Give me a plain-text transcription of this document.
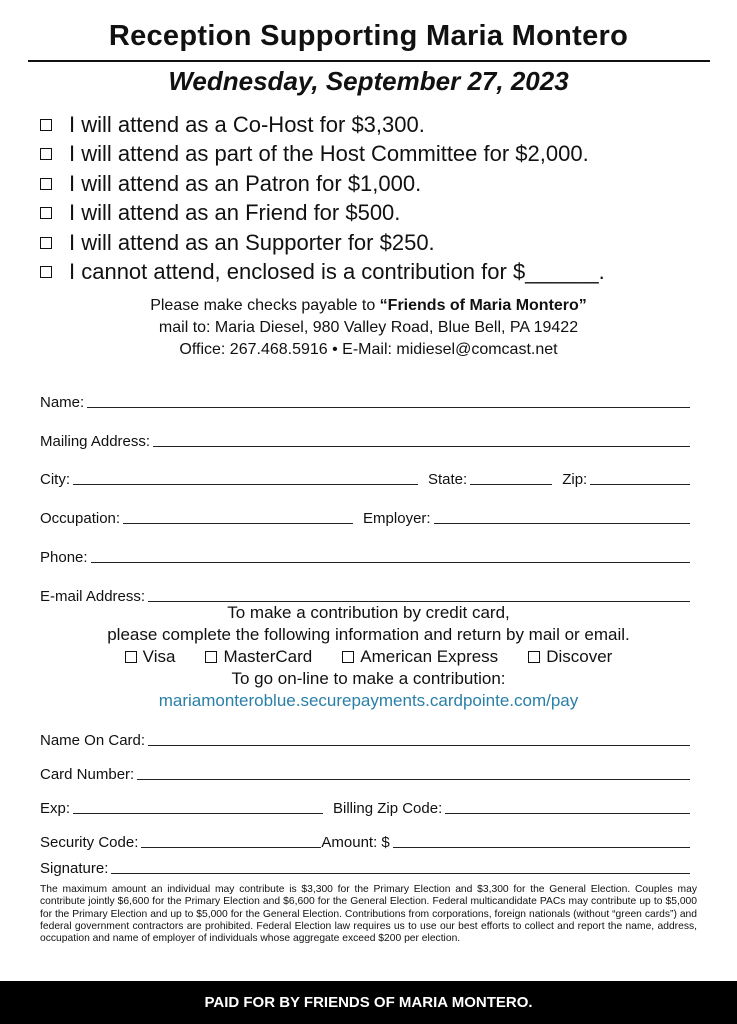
Reception Supporting Maria Montero
Wednesday, September 27, 2023
I will attend as a Co-Host for $3,300.
I will attend as part of the Host Committee for $2,000.
I will attend as an Patron for $1,000.
I will attend as an Friend for $500.
I will attend as an Supporter for $250.
I cannot attend, enclosed is a contribution for $______.
Please make checks payable to “Friends of Maria Montero”
mail to: Maria Diesel, 980 Valley Road, Blue Bell, PA 19422
Office: 267.468.5916 • E-Mail: midiesel@comcast.net
Name:
Mailing Address:
City:	State:	Zip:
Occupation:	Employer:
Phone:
E-mail Address:
To make a contribution by credit card,
please complete the following information and return by mail or email.
Visa	MasterCard	American Express	Discover
To go on-line to make a contribution:
mariamonteroblue.securepayments.cardpointe.com/pay
Name On Card:
Card Number:
Exp:	Billing Zip Code:
Security Code:	Amount: $
Signature:
The maximum amount an individual may contribute is $3,300 for the Primary Election and $3,300 for the General Election. Couples may contribute jointly $6,600 for the Primary Election and $6,600 for the General Election. Federal multicandidate PACs may contribute up to $5,000 for the Primary Election and up to $5,000 for the General Election. Contributions from corporations, foreign nationals (without “green cards”) and federal government contractors are prohibited. Federal Election law requires us to use our best efforts to collect and report the name, address, occupation and name of employer of individuals whose aggregate exceed $200 per election.
PAID FOR BY FRIENDS OF MARIA MONTERO.
